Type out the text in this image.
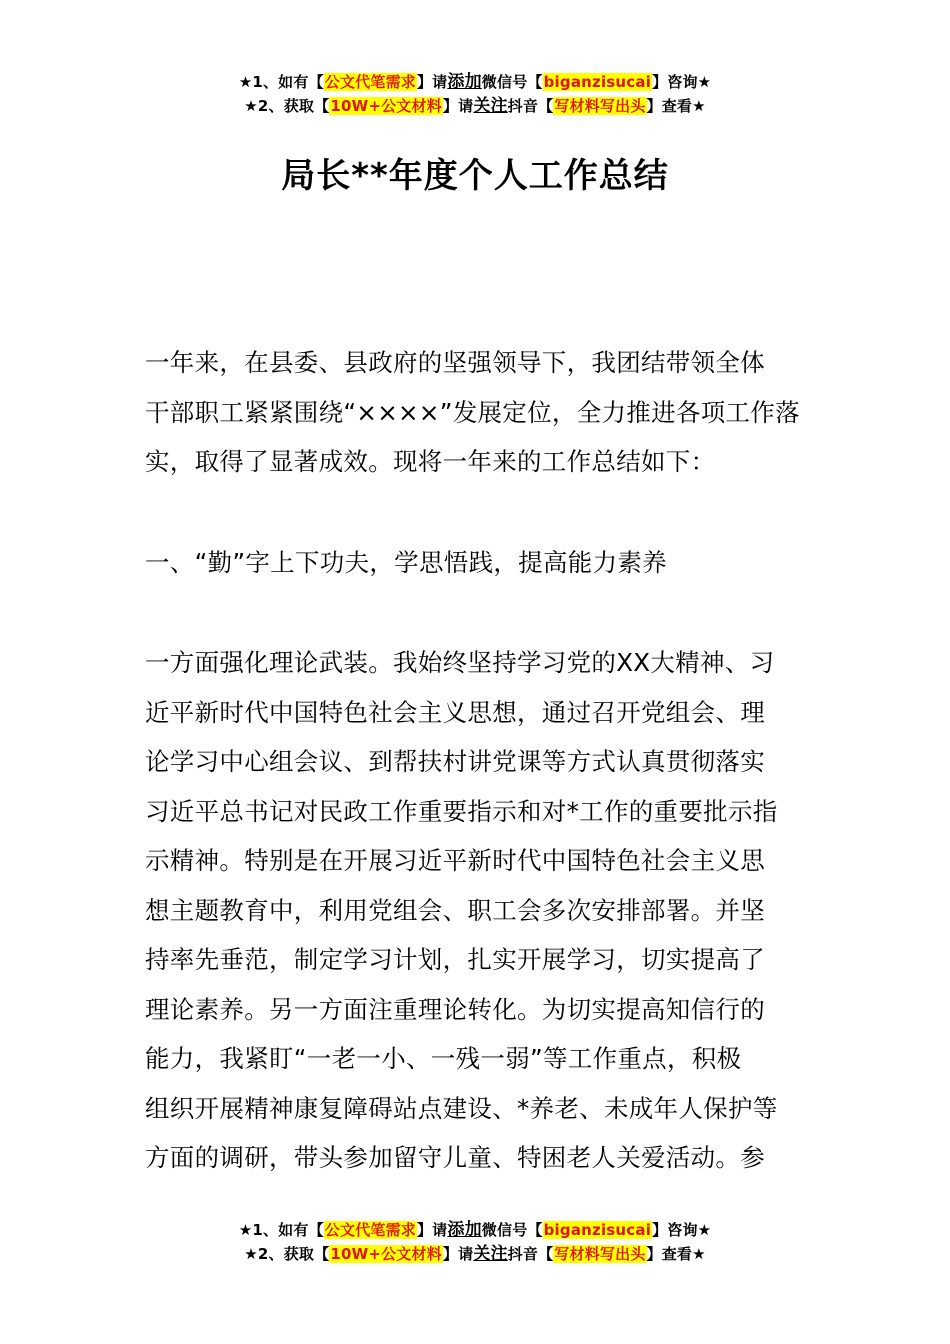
★1、如有【公文代笔需求】请添加微信号【biganzisucai】咨询★
★2、获取【10W+公文材料】请关注抖音【写材料写出头】查看★
局长**年度个人工作总结

一年来，在县委、县政府的坚强领导下，我团结带领全体

干部职工紧紧围绕“××××”发展定位，全力推进各项工作落

实，取得了显著成效。现将一年来的工作总结如下：

一、“勤”字上下功夫，学思悟践，提高能力素养

一方面强化理论武装。我始终坚持学习党的XX大精神、习

近平新时代中国特色社会主义思想，通过召开党组会、理

论学习中心组会议、到帮扶村讲党课等方式认真贯彻落实

习近平总书记对民政工作重要指示和对*工作的重要批示指

示精神。特别是在开展习近平新时代中国特色社会主义思

想主题教育中，利用党组会、职工会多次安排部署。并坚

持率先垂范，制定学习计划，扎实开展学习，切实提高了

理论素养。另一方面注重理论转化。为切实提高知信行的

能力，我紧盯“一老一小、一残一弱”等工作重点，积极

组织开展精神康复障碍站点建设、*养老、未成年人保护等

方面的调研，带头参加留守儿童、特困老人关爱活动。参

★1、如有【公文代笔需求】请添加微信号【biganzisucai】咨询★
★2、获取【10W+公文材料】请关注抖音【写材料写出头】查看★
